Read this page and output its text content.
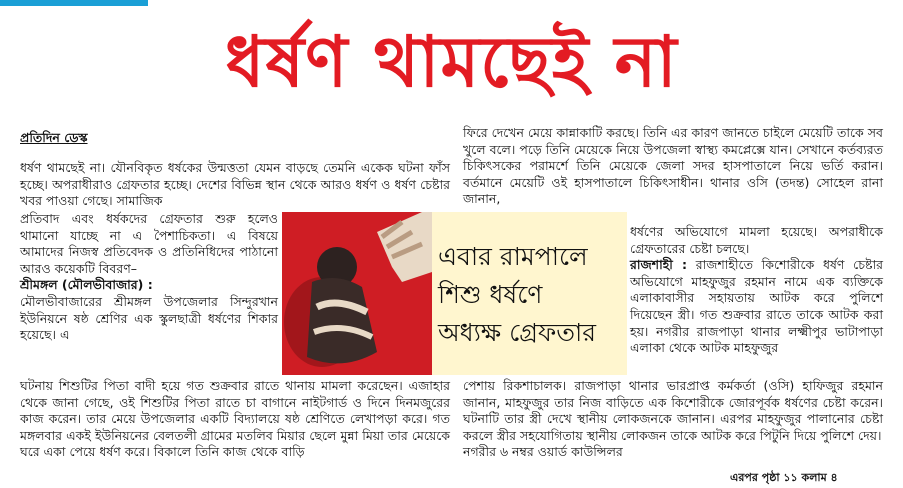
ধর্ষণ থামছেই না

প্রতিদিন ডেস্ক

ধর্ষণ থামছেই না। যৌনবিকৃত ধর্ষকের উন্মত্ততা যেমন বাড়ছে তেমনি একেক ঘটনা ফাঁস হচ্ছে। অপরাধীরাও গ্রেফতার হচ্ছে। দেশের বিভিন্ন স্থান থেকে আরও ধর্ষণ ও ধর্ষণ চেষ্টার খবর পাওয়া গেছে। সামাজিক

প্রতিবাদ এবং ধর্ষকদের গ্রেফতার শুরু হলেও থামানো যাচ্ছে না এ পৈশাচিকতা। এ বিষয়ে আমাদের নিজস্ব প্রতিবেদক ও প্রতিনিধিদের পাঠানো আরও কয়েকটি বিবরণ–

শ্রীমঙ্গল (মৌলভীবাজার) :

মৌলভীবাজারের শ্রীমঙ্গল উপজেলার সিন্দুরখান ইউনিয়নে ষষ্ঠ শ্রেণির এক স্কুলছাত্রী ধর্ষণের শিকার হয়েছে। এ

ঘটনায় শিশুটির পিতা বাদী হয়ে গত শুক্রবার রাতে থানায় মামলা করেছেন। এজাহার থেকে জানা গেছে, ওই শিশুটির পিতা রাতে চা বাগানে নাইটগার্ড ও দিনে দিনমজুরের কাজ করেন। তার মেয়ে উপজেলার একটি বিদ্যালয়ে ষষ্ঠ শ্রেণিতে লেখাপড়া করে। গত মঙ্গলবার একই ইউনিয়নের বেলতলী গ্রামের মতলিব মিয়ার ছেলে মুন্না মিয়া তার মেয়েকে ঘরে একা পেয়ে ধর্ষণ করে। বিকালে তিনি কাজ থেকে বাড়ি

ফিরে দেখেন মেয়ে কান্নাকাটি করছে। তিনি এর কারণ জানতে চাইলে মেয়েটি তাকে সব খুলে বলে। পড়ে তিনি মেয়েকে নিয়ে উপজেলা স্বাস্থ্য কমপ্লেক্সে যান। সেখানে কর্তব্যরত চিকিৎসকের পরামর্শে তিনি মেয়েকে জেলা সদর হাসপাতালে নিয়ে ভর্তি করান। বর্তমানে মেয়েটি ওই হাসপাতালে চিকিৎসাধীন। থানার ওসি (তদন্ত) সোহেল রানা জানান,

ধর্ষণের অভিযোগে মামলা হয়েছে। অপরাধীকে গ্রেফতারের চেষ্টা চলছে।

রাজশাহী : রাজশাহীতে কিশোরীকে ধর্ষণ চেষ্টার অভিযোগে মাহফুজুর রহমান নামে এক ব্যক্তিকে এলাকাবাসীর সহায়তায় আটক করে পুলিশে দিয়েছেন স্ত্রী। গত শুক্রবার রাতে তাকে আটক করা হয়। নগরীর রাজপাড়া থানার লক্ষ্মীপুর ভাটাপাড়া এলাকা থেকে আটক মাহফুজুর

পেশায় রিকশাচালক। রাজপাড়া থানার ভারপ্রাপ্ত কর্মকর্তা (ওসি) হাফিজুর রহমান জানান, মাহফুজুর তার নিজ বাড়িতে এক কিশোরীকে জোরপূর্বক ধর্ষণের চেষ্টা করেন। ঘটনাটি তার স্ত্রী দেখে স্থানীয় লোকজনকে জানান। এরপর মাহফুজুর পালানোর চেষ্টা করলে স্ত্রীর সহযোগিতায় স্থানীয় লোকজন তাকে আটক করে পিটুনি দিয়ে পুলিশে দেয়।

নগরীর ৬ নম্বর ওয়ার্ড কাউন্সিলর

এবার রামপালে
শিশু ধর্ষণে
অধ্যক্ষ গ্রেফতার
এরপর পৃষ্ঠা ১১ কলাম ৪
